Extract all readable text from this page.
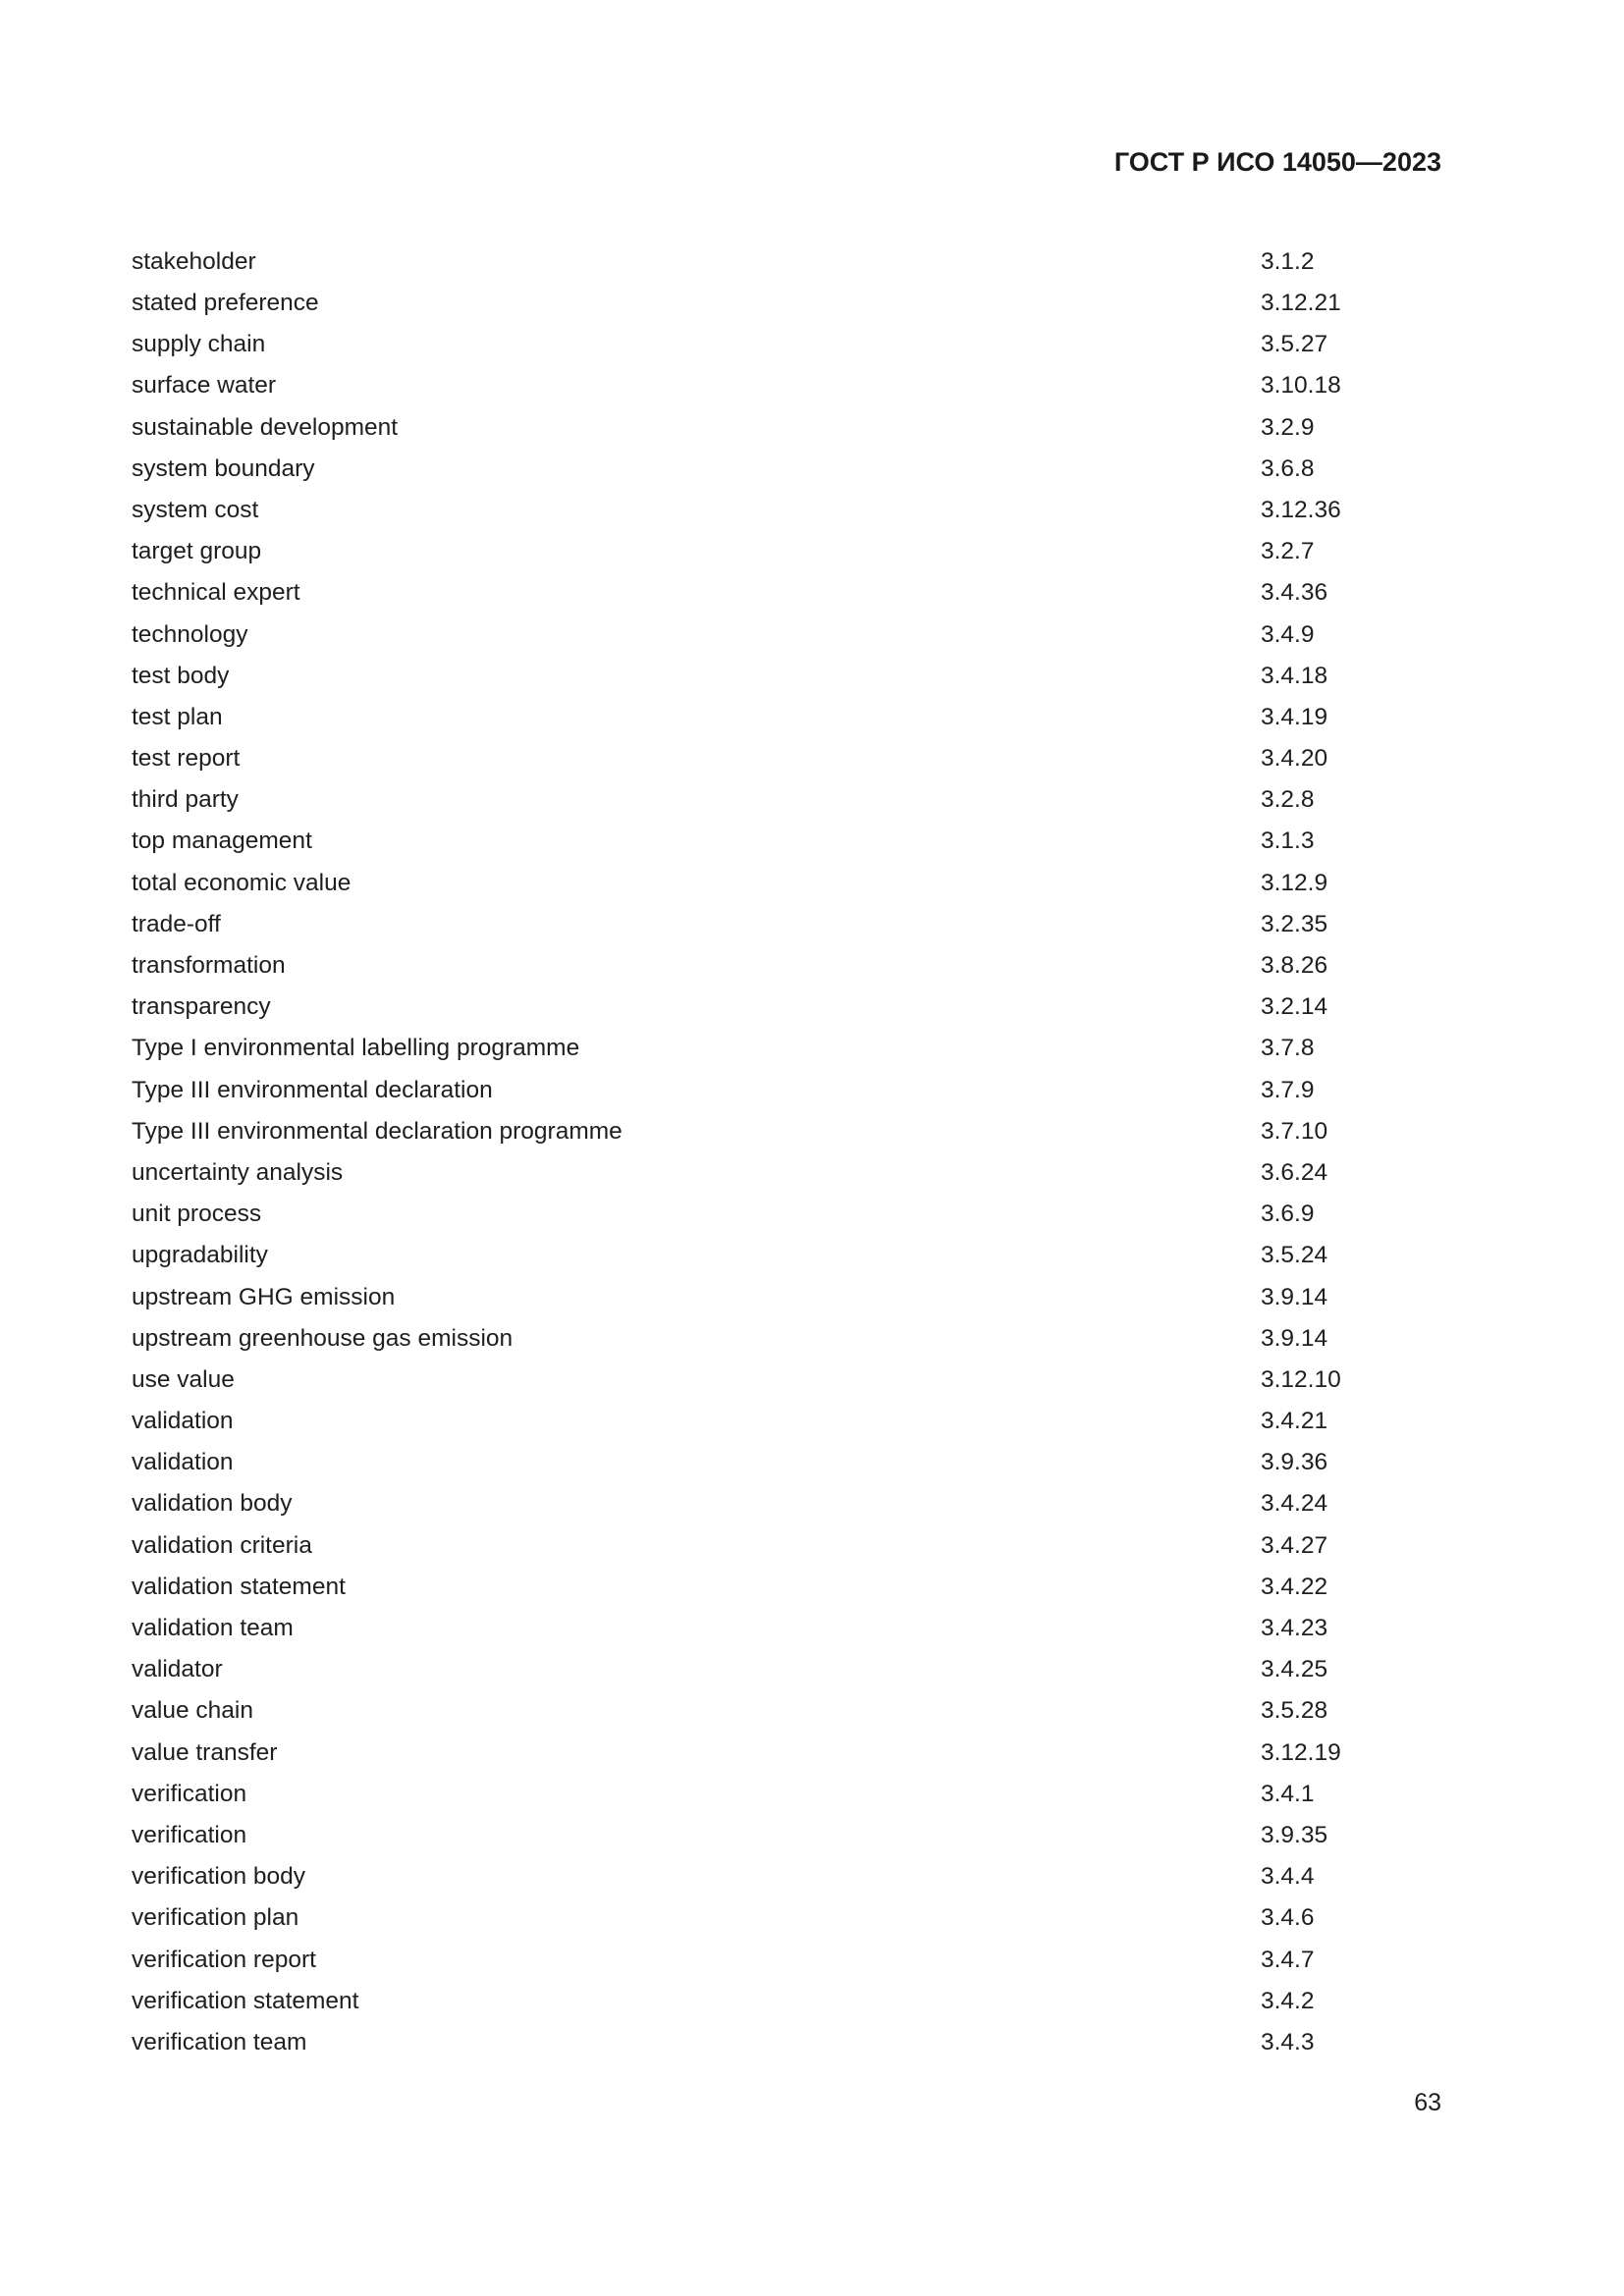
ГОСТ Р ИСО 14050—2023
stakeholder	3.1.2
stated preference	3.12.21
supply chain	3.5.27
surface water	3.10.18
sustainable development	3.2.9
system boundary	3.6.8
system cost	3.12.36
target group	3.2.7
technical expert	3.4.36
technology	3.4.9
test body	3.4.18
test plan	3.4.19
test report	3.4.20
third party	3.2.8
top management	3.1.3
total economic value	3.12.9
trade-off	3.2.35
transformation	3.8.26
transparency	3.2.14
Type I environmental labelling programme	3.7.8
Type III environmental declaration	3.7.9
Type III environmental declaration programme	3.7.10
uncertainty analysis	3.6.24
unit process	3.6.9
upgradability	3.5.24
upstream GHG emission	3.9.14
upstream greenhouse gas emission	3.9.14
use value	3.12.10
validation	3.4.21
validation	3.9.36
validation body	3.4.24
validation criteria	3.4.27
validation statement	3.4.22
validation team	3.4.23
validator	3.4.25
value chain	3.5.28
value transfer	3.12.19
verification	3.4.1
verification	3.9.35
verification body	3.4.4
verification plan	3.4.6
verification report	3.4.7
verification statement	3.4.2
verification team	3.4.3
63
